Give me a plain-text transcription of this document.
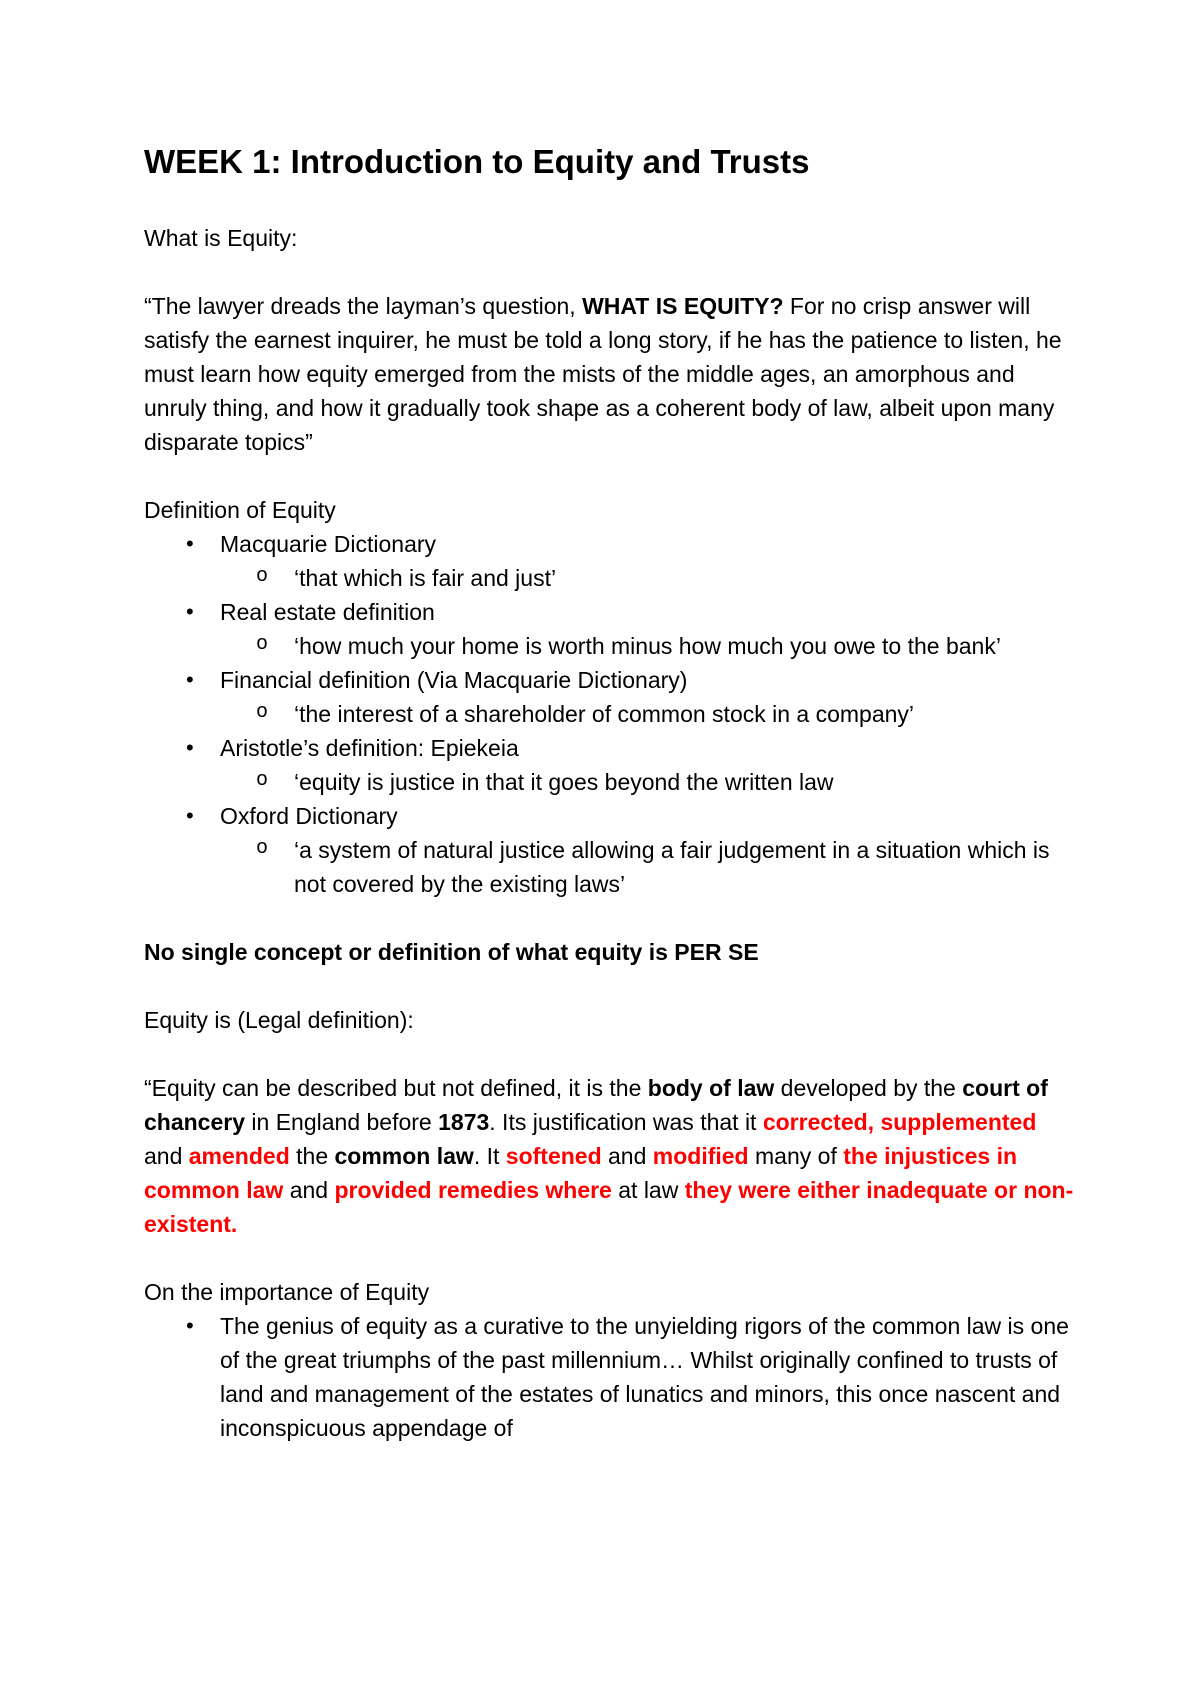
WEEK 1: Introduction to Equity and Trusts

What is Equity:

“The lawyer dreads the layman’s question, WHAT IS EQUITY? For no crisp answer will satisfy the earnest inquirer, he must be told a long story, if he has the patience to listen, he must learn how equity emerged from the mists of the middle ages, an amorphous and unruly thing, and how it gradually took shape as a coherent body of law, albeit upon many disparate topics”

Definition of Equity

• Macquarie Dictionary
o ‘that which is fair and just’
• Real estate definition
o ‘how much your home is worth minus how much you owe to the bank’
• Financial definition (Via Macquarie Dictionary)
o ‘the interest of a shareholder of common stock in a company’
• Aristotle’s definition: Epiekeia
o ‘equity is justice in that it goes beyond the written law
• Oxford Dictionary
o ‘a system of natural justice allowing a fair judgement in a situation which is not covered by the existing laws’

No single concept or definition of what equity is PER SE

Equity is (Legal definition):

“Equity can be described but not defined, it is the body of law developed by the court of chancery in England before 1873. Its justification was that it corrected, supplemented and amended the common law. It softened and modified many of the injustices in common law and provided remedies where at law they were either inadequate or non- existent.

On the importance of Equity

• The genius of equity as a curative to the unyielding rigors of the common law is one of the great triumphs of the past millennium… Whilst originally confined to trusts of land and management of the estates of lunatics and minors, this once nascent and inconspicuous appendage of
